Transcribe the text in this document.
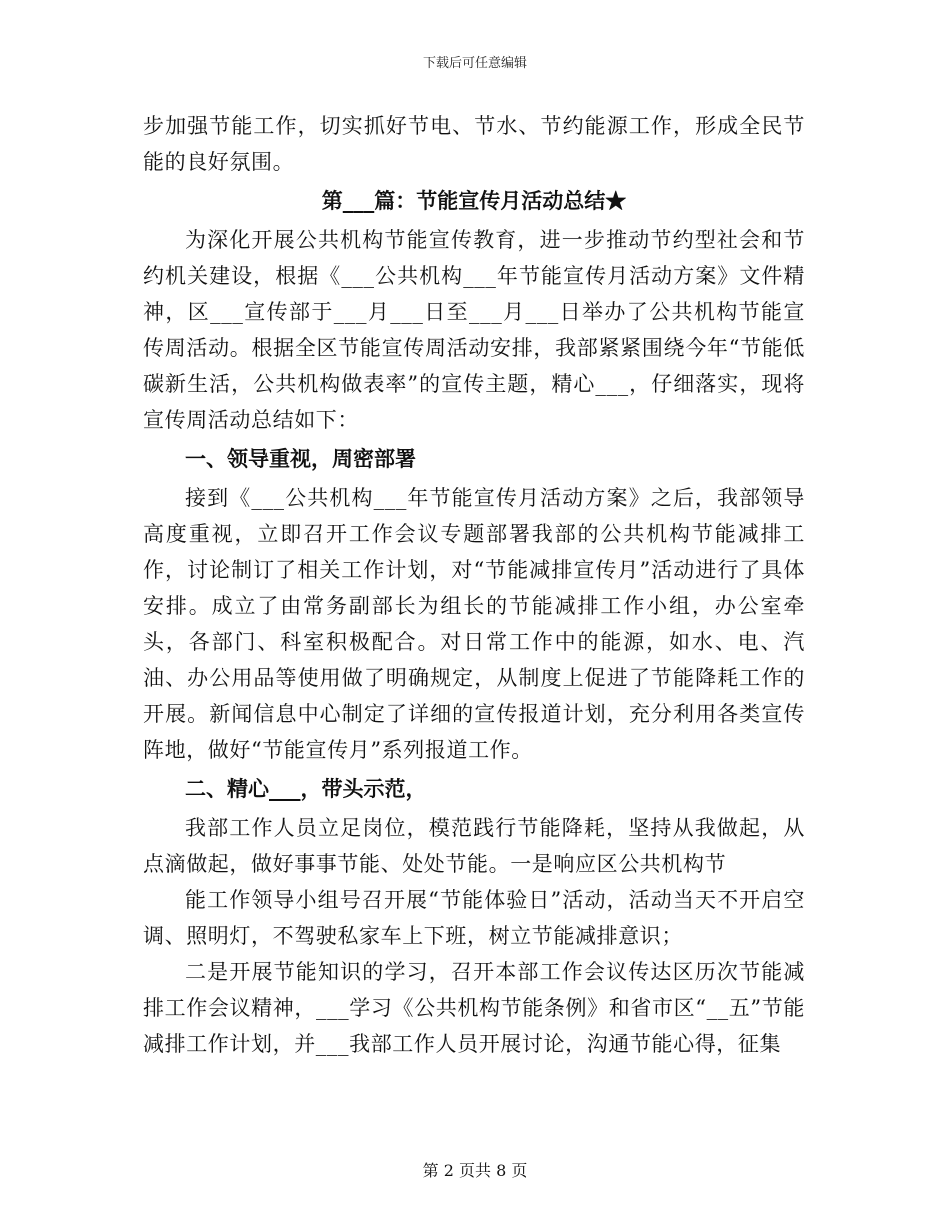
下载后可任意编辑

步加强节能工作，切实抓好节电、节水、节约能源工作，形成全民节能的良好氛围。

第___篇：节能宣传月活动总结★

为深化开展公共机构节能宣传教育，进一步推动节约型社会和节约机关建设，根据《___公共机构___年节能宣传月活动方案》文件精神，区___宣传部于___月___日至___月___日举办了公共机构节能宣传周活动。根据全区节能宣传周活动安排，我部紧紧围绕今年“节能低碳新生活，公共机构做表率”的宣传主题，精心___，仔细落实，现将宣传周活动总结如下：

一、领导重视，周密部署

接到《___公共机构___年节能宣传月活动方案》之后，我部领导高度重视，立即召开工作会议专题部署我部的公共机构节能减排工作，讨论制订了相关工作计划，对“节能减排宣传月”活动进行了具体安排。成立了由常务副部长为组长的节能减排工作小组，办公室牵头，各部门、科室积极配合。对日常工作中的能源，如水、电、汽油、办公用品等使用做了明确规定，从制度上促进了节能降耗工作的开展。新闻信息中心制定了详细的宣传报道计划，充分利用各类宣传阵地，做好“节能宣传月”系列报道工作。

二、精心___，带头示范，

我部工作人员立足岗位，模范践行节能降耗，坚持从我做起，从点滴做起，做好事事节能、处处节能。一是响应区公共机构节

能工作领导小组号召开展“节能体验日”活动，活动当天不开启空调、照明灯，不驾驶私家车上下班，树立节能减排意识；

二是开展节能知识的学习，召开本部工作会议传达区历次节能减排工作会议精神，___学习《公共机构节能条例》和省市区“__五”节能减排工作计划，并___我部工作人员开展讨论，沟通节能心得，征集

第 2 页共 8 页
